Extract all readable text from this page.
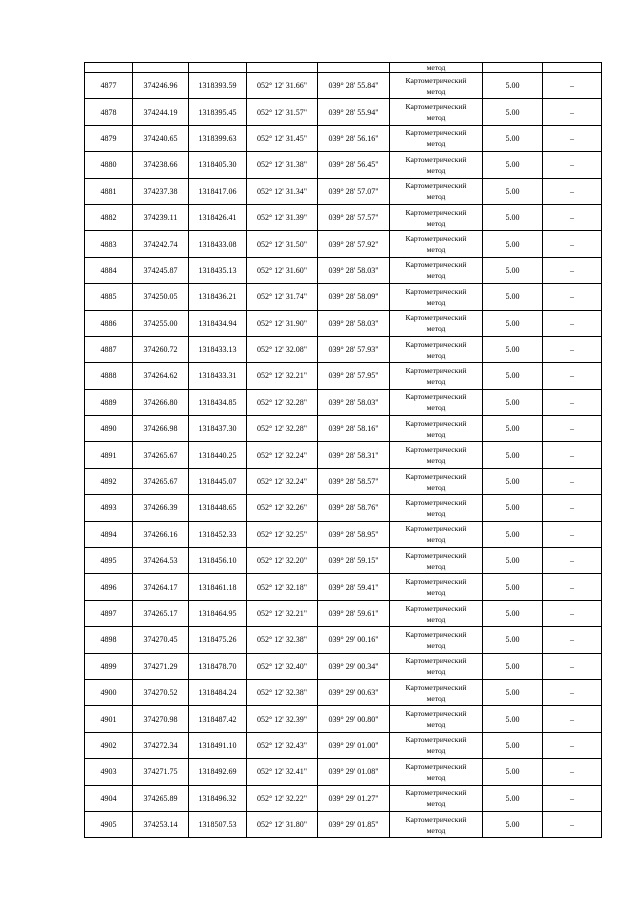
					метод		

4877	374246.96	1318393.59	052° 12' 31.66"	039° 28' 55.84"	Картометрический
метод	5.00	–
4878	374244.19	1318395.45	052° 12' 31.57"	039° 28' 55.94"	Картометрический
метод	5.00	–
4879	374240.65	1318399.63	052° 12' 31.45"	039° 28' 56.16"	Картометрический
метод	5.00	–
4880	374238.66	1318405.30	052° 12' 31.38"	039° 28' 56.45"	Картометрический
метод	5.00	–
4881	374237.38	1318417.06	052° 12' 31.34"	039° 28' 57.07"	Картометрический
метод	5.00	–
4882	374239.11	1318426.41	052° 12' 31.39"	039° 28' 57.57"	Картометрический
метод	5.00	–
4883	374242.74	1318433.08	052° 12' 31.50"	039° 28' 57.92"	Картометрический
метод	5.00	–
4884	374245.87	1318435.13	052° 12' 31.60"	039° 28' 58.03"	Картометрический
метод	5.00	–
4885	374250.05	1318436.21	052° 12' 31.74"	039° 28' 58.09"	Картометрический
метод	5.00	–
4886	374255.00	1318434.94	052° 12' 31.90"	039° 28' 58.03"	Картометрический
метод	5.00	–
4887	374260.72	1318433.13	052° 12' 32.08"	039° 28' 57.93"	Картометрический
метод	5.00	–
4888	374264.62	1318433.31	052° 12' 32.21"	039° 28' 57.95"	Картометрический
метод	5.00	–
4889	374266.80	1318434.85	052° 12' 32.28"	039° 28' 58.03"	Картометрический
метод	5.00	–
4890	374266.98	1318437.30	052° 12' 32.28"	039° 28' 58.16"	Картометрический
метод	5.00	–
4891	374265.67	1318440.25	052° 12' 32.24"	039° 28' 58.31"	Картометрический
метод	5.00	–
4892	374265.67	1318445.07	052° 12' 32.24"	039° 28' 58.57"	Картометрический
метод	5.00	–
4893	374266.39	1318448.65	052° 12' 32.26"	039° 28' 58.76"	Картометрический
метод	5.00	–
4894	374266.16	1318452.33	052° 12' 32.25"	039° 28' 58.95"	Картометрический
метод	5.00	–
4895	374264.53	1318456.10	052° 12' 32.20"	039° 28' 59.15"	Картометрический
метод	5.00	–
4896	374264.17	1318461.18	052° 12' 32.18"	039° 28' 59.41"	Картометрический
метод	5.00	–
4897	374265.17	1318464.95	052° 12' 32.21"	039° 28' 59.61"	Картометрический
метод	5.00	–
4898	374270.45	1318475.26	052° 12' 32.38"	039° 29' 00.16"	Картометрический
метод	5.00	–
4899	374271.29	1318478.70	052° 12' 32.40"	039° 29' 00.34"	Картометрический
метод	5.00	–
4900	374270.52	1318484.24	052° 12' 32.38"	039° 29' 00.63"	Картометрический
метод	5.00	–
4901	374270.98	1318487.42	052° 12' 32.39"	039° 29' 00.80"	Картометрический
метод	5.00	–
4902	374272.34	1318491.10	052° 12' 32.43"	039° 29' 01.00"	Картометрический
метод	5.00	–
4903	374271.75	1318492.69	052° 12' 32.41"	039° 29' 01.08"	Картометрический
метод	5.00	–
4904	374265.89	1318496.32	052° 12' 32.22"	039° 29' 01.27"	Картометрический
метод	5.00	–
4905	374253.14	1318507.53	052° 12' 31.80"	039° 29' 01.85"	Картометрический
метод	5.00	–
